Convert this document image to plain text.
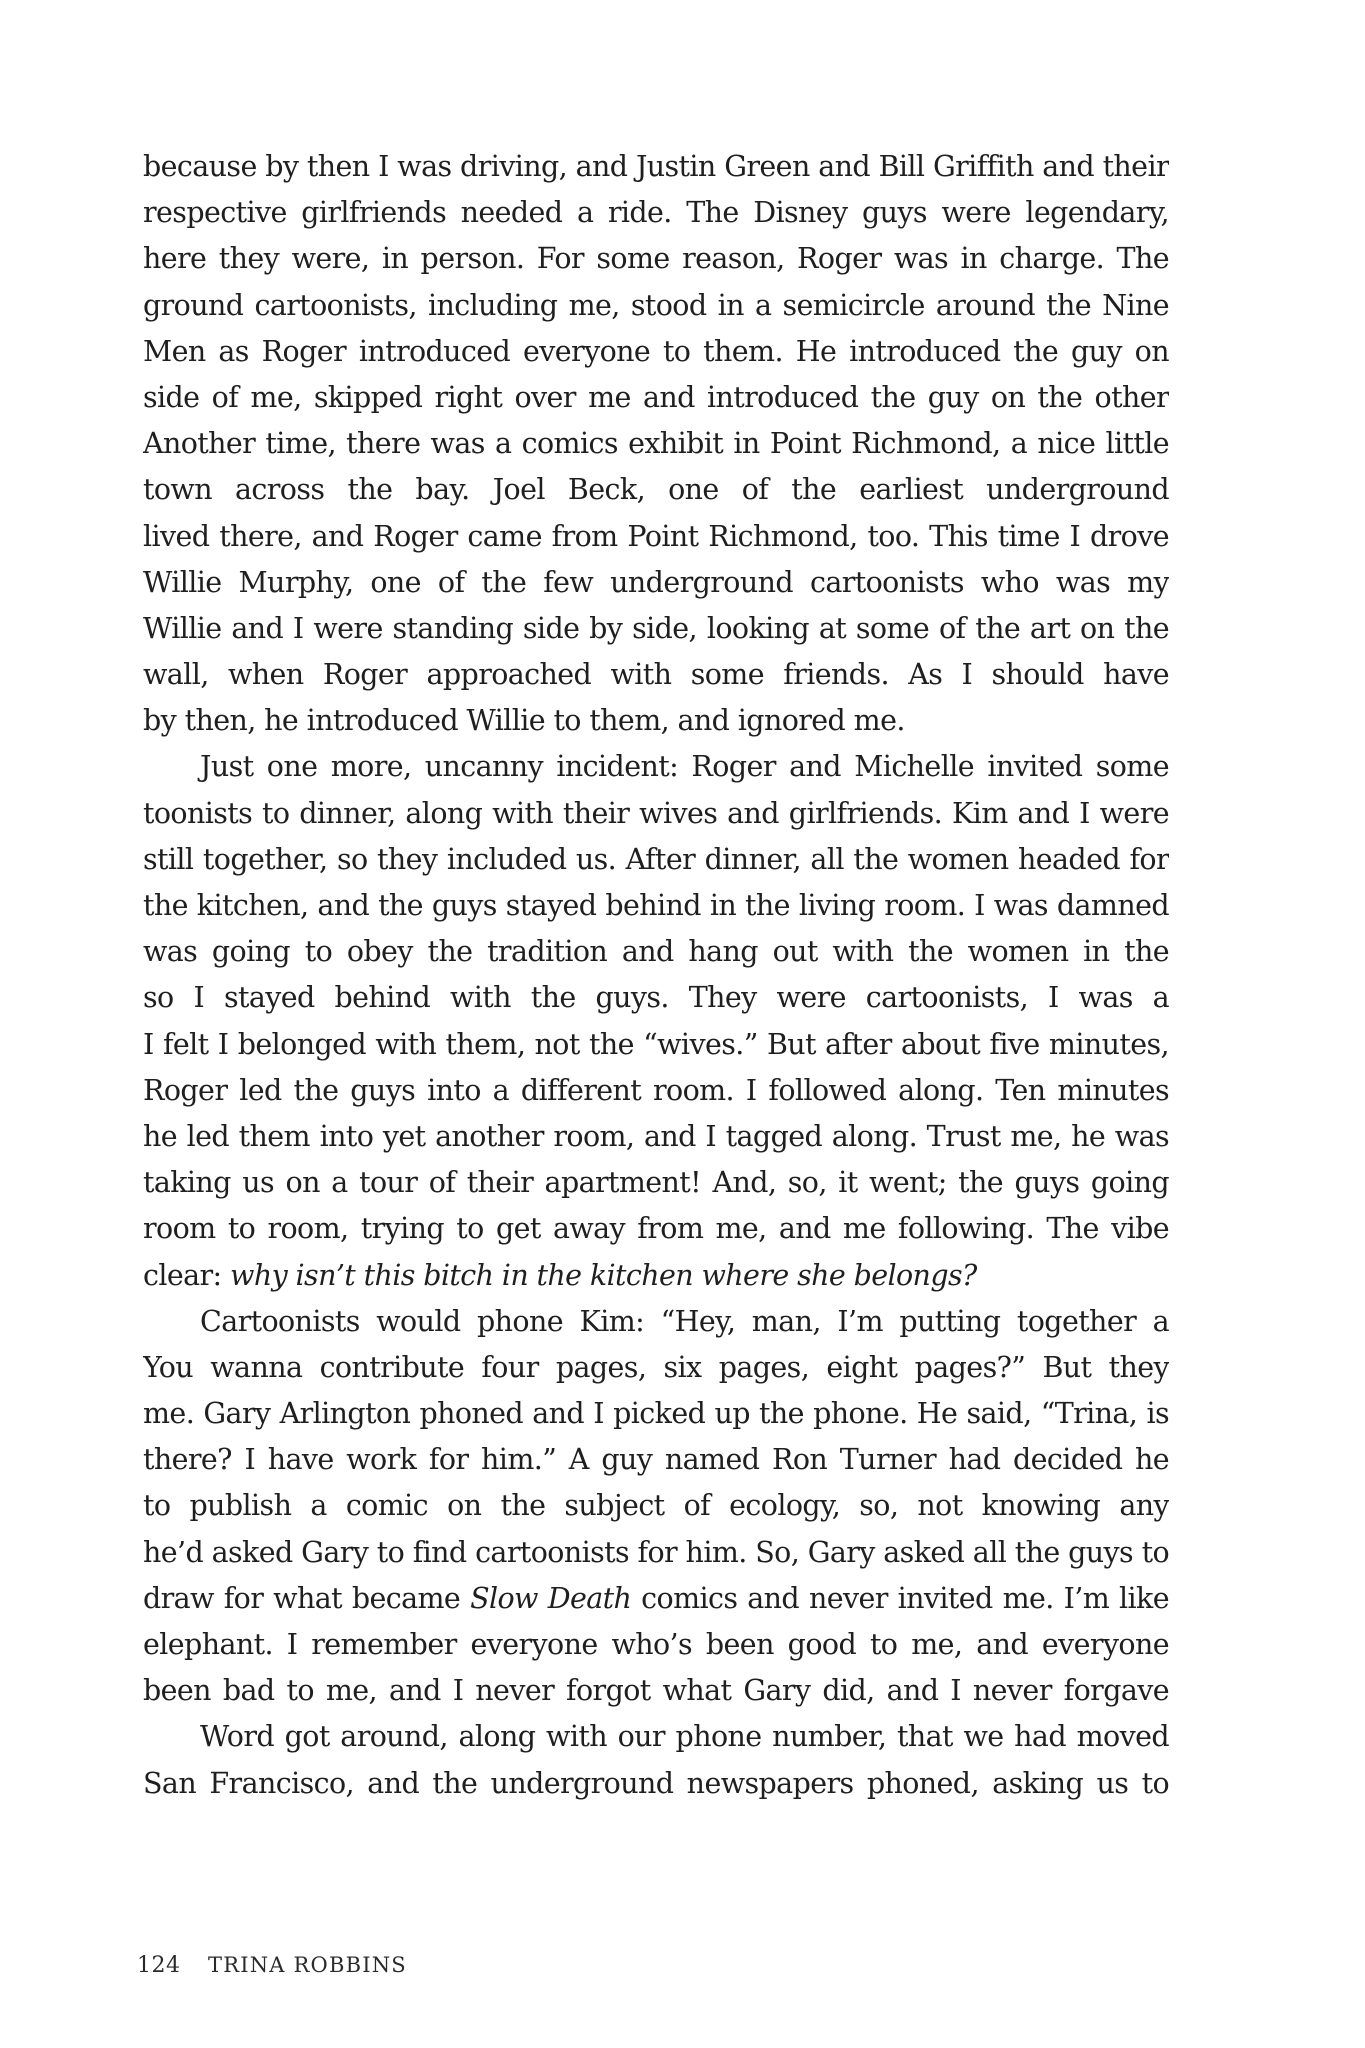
because by then I was driving, and Justin Green and Bill Griffith and their
respective girlfriends needed a ride. The Disney guys were legendary,
here they were, in person. For some reason, Roger was in charge. The
ground cartoonists, including me, stood in a semicircle around the Nine
Men as Roger introduced everyone to them. He introduced the guy on
side of me, skipped right over me and introduced the guy on the other
Another time, there was a comics exhibit in Point Richmond, a nice little
town across the bay. Joel Beck, one of the earliest underground
lived there, and Roger came from Point Richmond, too. This time I drove
Willie Murphy, one of the few underground cartoonists who was my
Willie and I were standing side by side, looking at some of the art on the
wall, when Roger approached with some friends. As I should have
by then, he introduced Willie to them, and ignored me.
Just one more, uncanny incident: Roger and Michelle invited some
toonists to dinner, along with their wives and girlfriends. Kim and I were
still together, so they included us. After dinner, all the women headed for
the kitchen, and the guys stayed behind in the living room. I was damned
was going to obey the tradition and hang out with the women in the
so I stayed behind with the guys. They were cartoonists, I was a
I felt I belonged with them, not the “wives.” But after about five minutes,
Roger led the guys into a different room. I followed along. Ten minutes
he led them into yet another room, and I tagged along. Trust me, he was
taking us on a tour of their apartment! And, so, it went; the guys going
room to room, trying to get away from me, and me following. The vibe
clear: why isn’t this bitch in the kitchen where she belongs?
Cartoonists would phone Kim: “Hey, man, I’m putting together a
You wanna contribute four pages, six pages, eight pages?” But they
me. Gary Arlington phoned and I picked up the phone. He said, “Trina, is
there? I have work for him.” A guy named Ron Turner had decided he
to publish a comic on the subject of ecology, so, not knowing any
he’d asked Gary to find cartoonists for him. So, Gary asked all the guys to
draw for what became Slow Death comics and never invited me. I’m like
elephant. I remember everyone who’s been good to me, and everyone
been bad to me, and I never forgot what Gary did, and I never forgave
Word got around, along with our phone number, that we had moved
San Francisco, and the underground newspapers phoned, asking us to
124 TRINA ROBBINS
